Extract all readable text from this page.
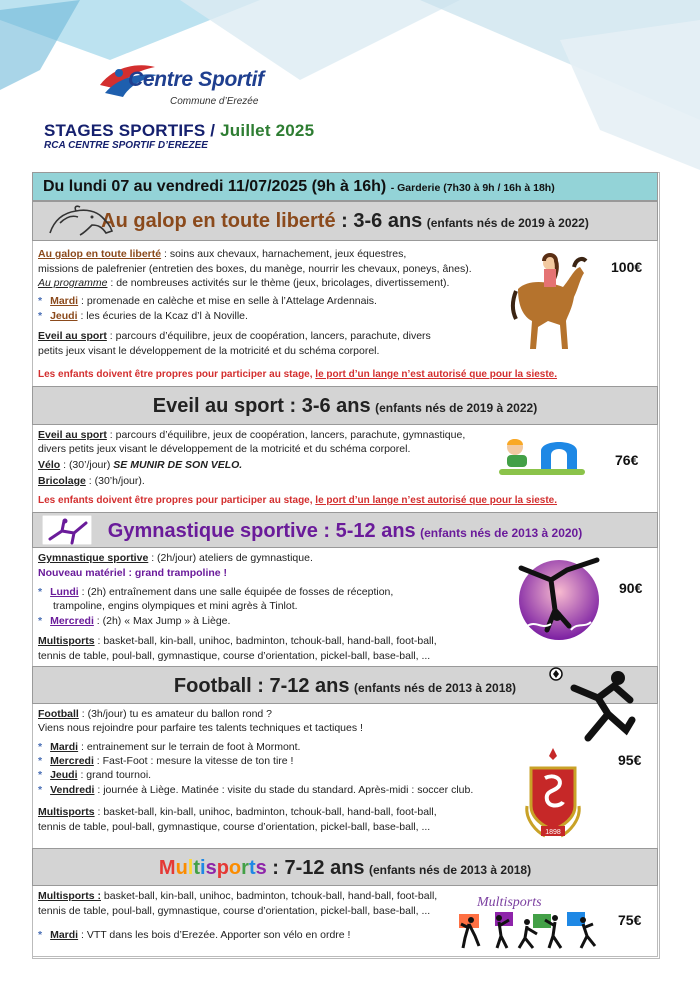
Centre Sportif
Commune d’Erezée
STAGES SPORTIFS / Juillet 2025
RCA CENTRE SPORTIF D’EREZEE
Du lundi 07 au vendredi 11/07/2025 (9h à 16h) - Garderie (7h30 à 9h / 16h à 18h)
Au galop en toute liberté : 3-6 ans (enfants nés de 2019 à 2022)
Au galop en toute liberté : soins aux chevaux, harnachement, jeux équestres,
missions de palefrenier (entretien des boxes, du manège, nourrir les chevaux, poneys, ânes).
Au programme : de nombreuses activités sur le thème (jeux, bricolages, divertissement).
* Mardi : promenade en calèche et mise en selle à l’Attelage Ardennais.
* Jeudi : les écuries de la Kcaz d’l à Noville.
Eveil au sport : parcours d’équilibre, jeux de coopération, lancers, parachute, divers
petits jeux visant le développement de la motricité et du schéma corporel.
Les enfants doivent être propres pour participer au stage, le port d’un lange n’est autorisé que pour la sieste.
100€
Eveil au sport : 3-6 ans (enfants nés de 2019 à 2022)
Eveil au sport : parcours d’équilibre, jeux de coopération, lancers, parachute, gymnastique,
divers petits jeux visant le développement de la motricité et du schéma corporel.
Vélo : (30’/jour) SE MUNIR DE SON VELO.
Bricolage : (30’h/jour).
Les enfants doivent être propres pour participer au stage, le port d’un lange n’est autorisé que pour la sieste.
76€
Gymnastique sportive : 5-12 ans (enfants nés de 2013 à 2020)
Gymnastique sportive : (2h/jour) ateliers de gymnastique.
Nouveau matériel : grand trampoline !
* Lundi : (2h) entraînement dans une salle équipée de fosses de réception,
trampoline, engins olympiques et mini agrès à Tinlot.
* Mercredi : (2h) « Max Jump » à Liège.
Multisports : basket-ball, kin-ball, unihoc, badminton, tchouk-ball, hand-ball, foot-ball,
tennis de table, poul-ball, gymnastique, course d’orientation, pickel-ball, base-ball, ...
90€
Football : 7-12 ans (enfants nés de 2013 à 2018)
Football : (3h/jour) tu es amateur du ballon rond ?
Viens nous rejoindre pour parfaire tes talents techniques et tactiques !
* Mardi : entrainement sur le terrain de foot à Mormont.
* Mercredi : Fast-Foot : mesure la vitesse de ton tire !
* Jeudi : grand tournoi.
* Vendredi : journée à Liège. Matinée : visite du stade du standard. Après-midi : soccer club.
Multisports : basket-ball, kin-ball, unihoc, badminton, tchouk-ball, hand-ball, foot-ball,
tennis de table, poul-ball, gymnastique, course d’orientation, pickel-ball, base-ball, ...	1898
95€
Multisports : 7-12 ans (enfants nés de 2013 à 2018)
Multisports : basket-ball, kin-ball, unihoc, badminton, tchouk-ball, hand-ball, foot-ball,
tennis de table, poul-ball, gymnastique, course d’orientation, pickel-ball, base-ball, ...
* Mardi : VTT dans les bois d’Erezée. Apporter son vélo en ordre !
Multisports
75€
